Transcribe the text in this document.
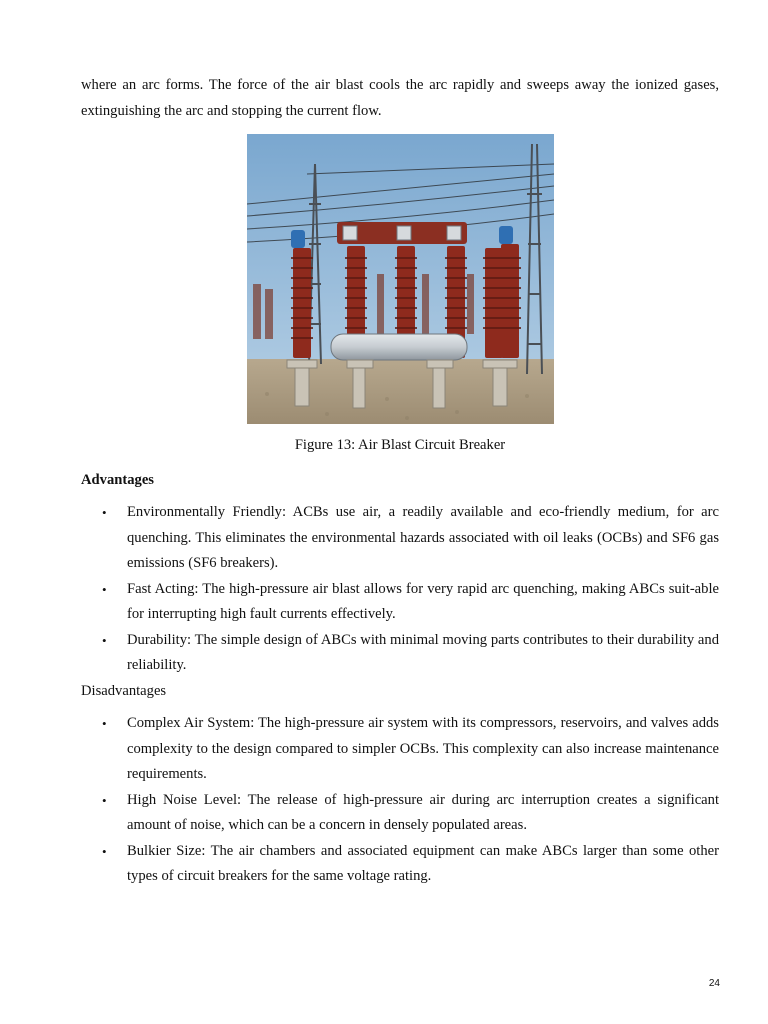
where an arc forms. The force of the air blast cools the arc rapidly and sweeps away the ionized gases, extinguishing the arc and stopping the current flow.

Figure 13: Air Blast Circuit Breaker

Advantages

• Environmentally Friendly: ACBs use air, a readily available and eco-friendly medium, for arc quenching. This eliminates the environmental hazards associated with oil leaks (OCBs) and SF6 gas emissions (SF6 breakers).
• Fast Acting: The high-pressure air blast allows for very rapid arc quenching, making ABCs suit-able for interrupting high fault currents effectively.
• Durability: The simple design of ABCs with minimal moving parts contributes to their durability and reliability.

Disadvantages

• Complex Air System: The high-pressure air system with its compressors, reservoirs, and valves adds complexity to the design compared to simpler OCBs. This complexity can also increase maintenance requirements.
• High Noise Level: The release of high-pressure air during arc interruption creates a significant amount of noise, which can be a concern in densely populated areas.
• Bulkier Size: The air chambers and associated equipment can make ABCs larger than some other types of circuit breakers for the same voltage rating.
24
